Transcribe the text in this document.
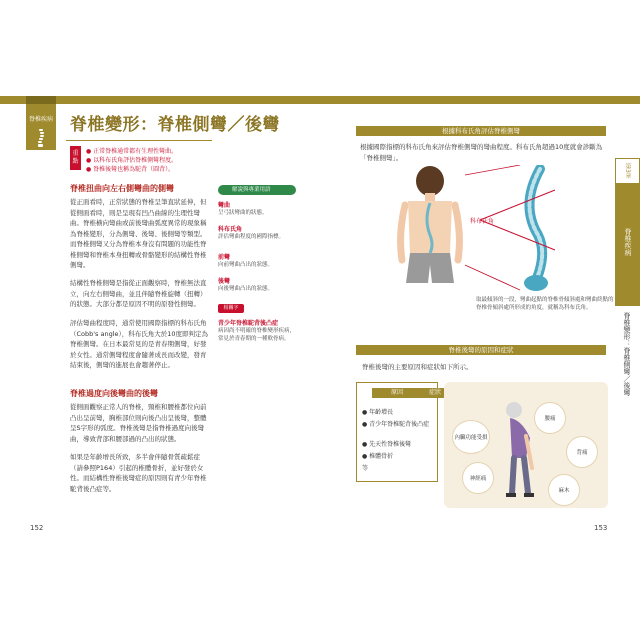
脊椎疾病 脊椎變形：脊椎側彎／後彎
重點
● 正常脊椎通常都有生理性彎曲。
● 以科布氏角評估脊椎側彎程度。
● 脊椎後彎也稱為駝背（圓背）。
脊椎扭曲向左右側彎曲的側彎
從正面看時，正常狀態的脊椎呈筆直狀延伸，但從側面看時，則是呈現有凹凸曲線的生理性彎曲。脊椎横向彎曲或前後彎曲弧度異常的現象稱為脊椎變形，分為側彎、後彎、後側彎等類型。而脊椎側彎又分為脊椎本身沒有問題的功能性脊椎側彎和脊椎本身扭轉或骨骼變形的結構性脊椎側彎。
結構性脊椎側彎是指從正面觀察時，脊椎無法直立，向左右側彎曲，並且伴隨脊椎旋轉（扭轉）的狀態。大部分都是原因不明的原發性側彎。
評估彎曲程度時，通常使用國際指標的科布氏角（Cobb's angle），科布氏角大於10度即判定為脊椎側彎。在日本最常見的是青春期側彎，好發於女性。通常側彎程度會隨著成長而改變，發育結束後，側彎的進展也會趨著停止。
脊椎過度向後彎曲的後彎
從側面觀察正常人的脊椎，頸椎和腰椎都位向前凸出呈前彎，胸椎部位則向後凸出呈後彎，整體呈S字形的弧度。脊椎後彎是指脊椎過度向後彎曲，導致背部和腰部過的凸出的狀態。
如果是年齡增長所致，多半會伴隨骨質疏鬆症（請參照P164）引起的椎體骨折，並好發於女性。而結構性脊椎後彎症的原因則有青少年脊椎駝背後凸症等。
解說與專業用語
彎曲
呈弓狀彎曲的狀態。
科布氏角
評估彎曲程度的國際指標。
前彎
向前彎曲凸出的狀態。
後彎
向後彎曲凸出的狀態。
相關字
青少年脊椎駝背後凸症
病因尚不明確的脊椎變形疾病，常見於青春期的一種軟骨病。
152
根據科布氏角評估脊椎側彎
根據國際指標的科布氏角來評估脊椎側彎的彎曲程度。科布氏角超過10度就會診斷為「脊椎側彎」。
科布氏角
取最傾斜的一段，彎曲起點的脊椎骨傾斜處和彎曲終點的脊椎骨傾斜處所形成的角度，就稱為科布氏角。
第3章
脊椎疾病
脊椎變形：脊椎側彎／後彎
脊椎後彎的原因和症狀
脊椎後彎的主要原因和症狀如下所示。
原因	症狀
● 年齡增長
● 青少年脊椎駝背後凸症
● 先天性脊椎後彎
● 椎體骨折
等
腰痛
內臟功能受損
背痛
神經痛
麻木
153
